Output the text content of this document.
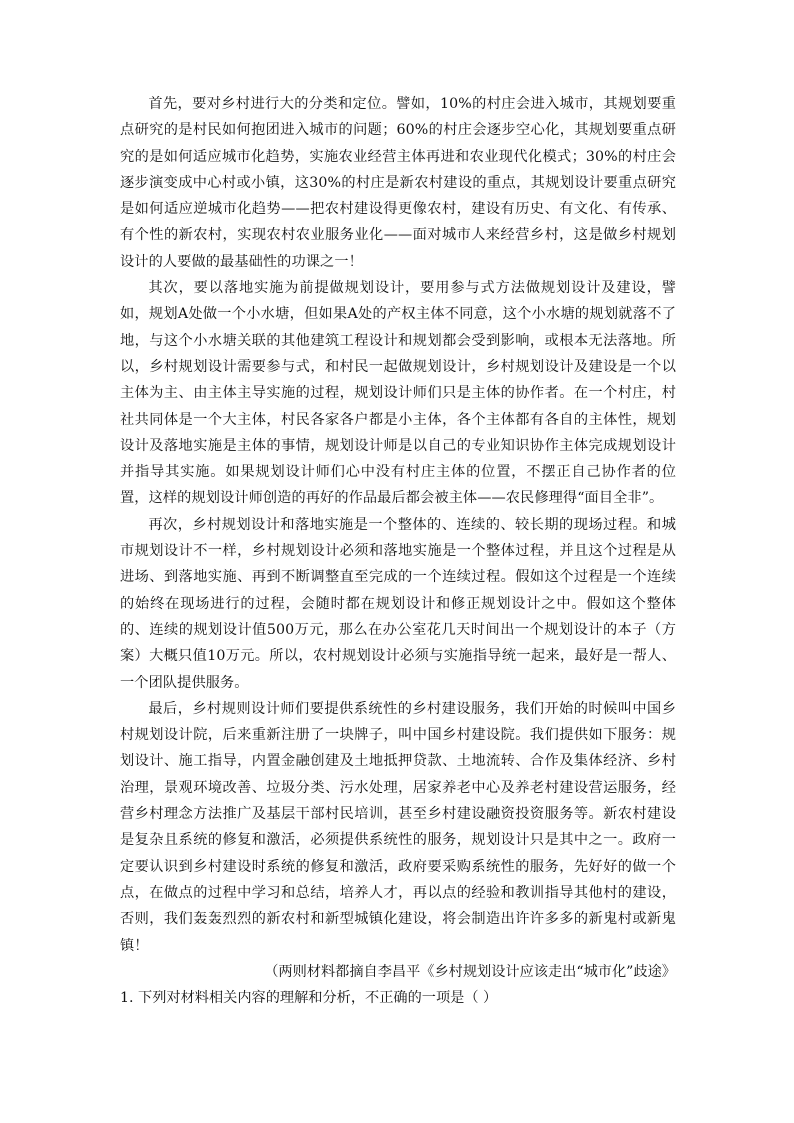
首先，要对乡村进行大的分类和定位。譬如，10%的村庄会进入城市，其规划要重点研究的是村民如何抱团进入城市的问题；60%的村庄会逐步空心化，其规划要重点研究的是如何适应城市化趋势，实施农业经营主体再进和农业现代化模式；30%的村庄会逐步演变成中心村或小镇，这30%的村庄是新农村建设的重点，其规划设计要重点研究是如何适应逆城市化趋势——把农村建设得更像农村，建设有历史、有文化、有传承、有个性的新农村，实现农村农业服务业化——面对城市人来经营乡村，这是做乡村规划设计的人要做的最基础性的功课之一！

其次，要以落地实施为前提做规划设计，要用参与式方法做规划设计及建设，譬如，规划A处做一个小水塘，但如果A处的产权主体不同意，这个小水塘的规划就落不了地，与这个小水塘关联的其他建筑工程设计和规划都会受到影响，或根本无法落地。所以，乡村规划设计需要参与式，和村民一起做规划设计，乡村规划设计及建设是一个以主体为主、由主体主导实施的过程，规划设计师们只是主体的协作者。在一个村庄，村社共同体是一个大主体，村民各家各户都是小主体，各个主体都有各自的主体性，规划设计及落地实施是主体的事情，规划设计师是以自己的专业知识协作主体完成规划设计并指导其实施。如果规划设计师们心中没有村庄主体的位置，不摆正自己协作者的位置，这样的规划设计师创造的再好的作品最后都会被主体——农民修理得“面目全非”。

再次，乡村规划设计和落地实施是一个整体的、连续的、较长期的现场过程。和城市规划设计不一样，乡村规划设计必须和落地实施是一个整体过程，并且这个过程是从进场、到落地实施、再到不断调整直至完成的一个连续过程。假如这个过程是一个连续的始终在现场进行的过程，会随时都在规划设计和修正规划设计之中。假如这个整体的、连续的规划设计值500万元，那么在办公室花几天时间出一个规划设计的本子（方案）大概只值10万元。所以，农村规划设计必须与实施指导统一起来，最好是一帮人、一个团队提供服务。

最后，乡村规则设计师们要提供系统性的乡村建设服务，我们开始的时候叫中国乡村规划设计院，后来重新注册了一块牌子，叫中国乡村建设院。我们提供如下服务：规划设计、施工指导，内置金融创建及土地抵押贷款、土地流转、合作及集体经济、乡村治理，景观环境改善、垃圾分类、污水处理，居家养老中心及养老村建设营运服务，经营乡村理念方法推广及基层干部村民培训，甚至乡村建设融资投资服务等。新农村建设是复杂且系统的修复和激活，必须提供系统性的服务，规划设计只是其中之一。政府一定要认识到乡村建设时系统的修复和激活，政府要采购系统性的服务，先好好的做一个点，在做点的过程中学习和总结，培养人才，再以点的经验和教训指导其他村的建设，否则，我们轰轰烈烈的新农村和新型城镇化建设，将会制造出许许多多的新鬼村或新鬼镇！

（两则材料都摘自李昌平《乡村规划设计应该走出“城市化”歧途》

1. 下列对材料相关内容的理解和分析，不正确的一项是（ ）
